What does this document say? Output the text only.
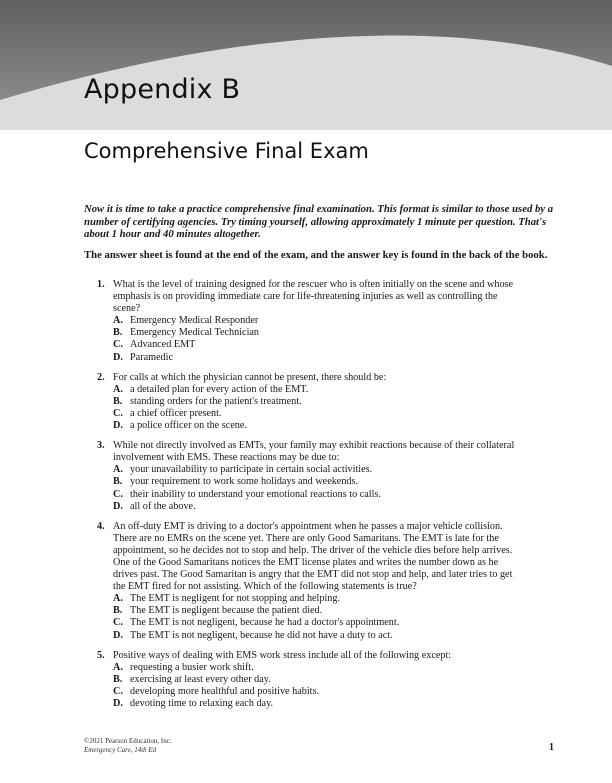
Appendix B
Comprehensive Final Exam

Now it is time to take a practice comprehensive final examination. This format is similar to those used by a number of certifying agencies. Try timing yourself, allowing approximately 1 minute per question. That's about 1 hour and 40 minutes altogether.

The answer sheet is found at the end of the exam, and the answer key is found in the back of the book.

1. What is the level of training designed for the rescuer who is often initially on the scene and whose emphasis is on providing immediate care for life-threatening injuries as well as controlling the scene?
A. Emergency Medical Responder
B. Emergency Medical Technician
C. Advanced EMT
D. Paramedic
2. For calls at which the physician cannot be present, there should be:
A. a detailed plan for every action of the EMT.
B. standing orders for the patient's treatment.
C. a chief officer present.
D. a police officer on the scene.
3. While not directly involved as EMTs, your family may exhibit reactions because of their collateral involvement with EMS. These reactions may be due to:
A. your unavailability to participate in certain social activities.
B. your requirement to work some holidays and weekends.
C. their inability to understand your emotional reactions to calls.
D. all of the above.
4. An off-duty EMT is driving to a doctor's appointment when he passes a major vehicle collision. There are no EMRs on the scene yet. There are only Good Samaritans. The EMT is late for the appointment, so he decides not to stop and help. The driver of the vehicle dies before help arrives. One of the Good Samaritans notices the EMT license plates and writes the number down as he drives past. The Good Samaritan is angry that the EMT did not stop and help, and later tries to get the EMT fired for not assisting. Which of the following statements is true?
A. The EMT is negligent for not stopping and helping.
B. The EMT is negligent because the patient died.
C. The EMT is not negligent, because he had a doctor's appointment.
D. The EMT is not negligent, because he did not have a duty to act.
5. Positive ways of dealing with EMS work stress include all of the following except:
A. requesting a busier work shift.
B. exercising at least every other day.
C. developing more healthful and positive habits.
D. devoting time to relaxing each day.
©2021 Pearson Education, Inc.
Emergency Care, 14th Ed	1
